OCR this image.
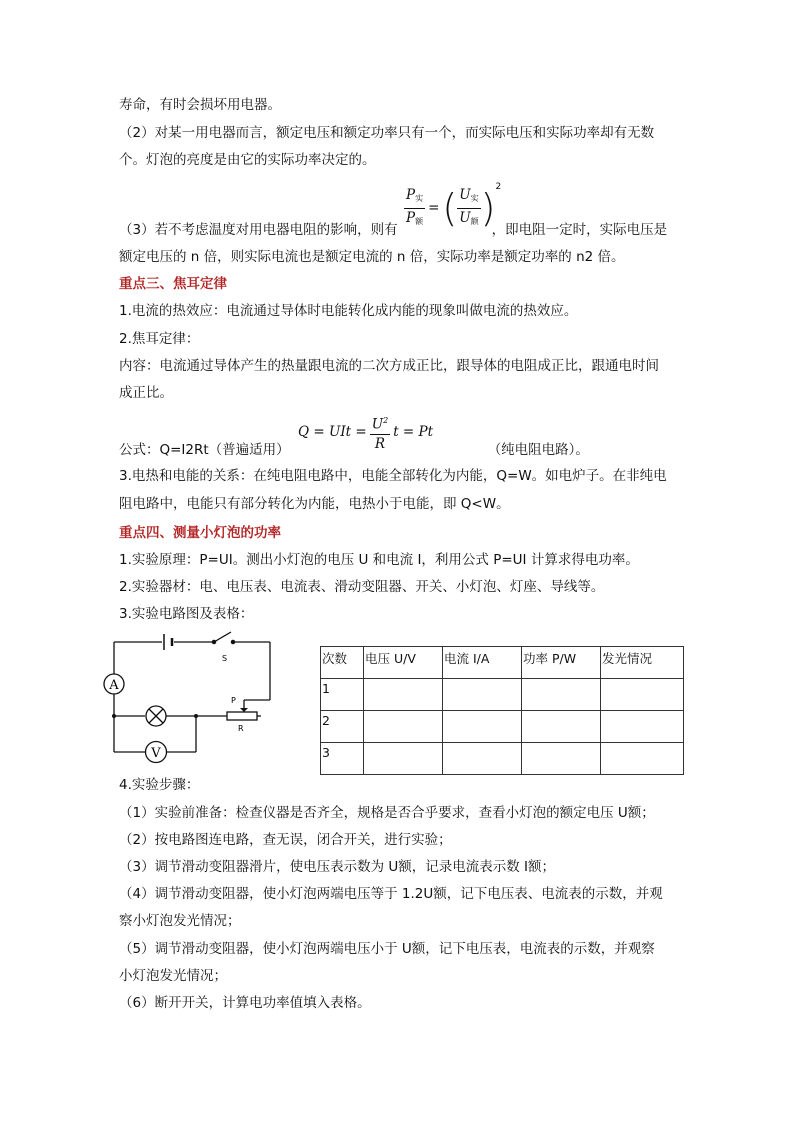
寿命，有时会损坏用电器。
（2）对某一用电器而言，额定电压和额定功率只有一个，而实际电压和实际功率却有无数
个。灯泡的亮度是由它的实际功率决定的。
$\frac{P_实}{P_额}$ = ( $\frac{U_实}{U_额}$ ) 2
（3）若不考虑温度对用电器电阻的影响，则有	，即电阻一定时，实际电压是
额定电压的 n 倍，则实际电流也是额定电流的 n 倍，实际功率是额定功率的 n2 倍。
重点三、焦耳定律
1.电流的热效应：电流通过导体时电能转化成内能的现象叫做电流的热效应。
2.焦耳定律：
内容：电流通过导体产生的热量跟电流的二次方成正比，跟导体的电阻成正比，跟通电时间
成正比。
Q = UIt = $\frac{U^2}{R}$ t = Pt
公式：Q=I2Rt（普遍适用）	（纯电阻电路）。
3.电热和电能的关系：在纯电阻电路中，电能全部转化为内能，Q=W。如电炉子。在非纯电
阻电路中，电能只有部分转化为内能，电热小于电能，即 Q<W。
重点四、测量小灯泡的功率
1.实验原理：P=UI。测出小灯泡的电压 U 和电流 I，利用公式 P=UI 计算求得电功率。
2.实验器材：电、电压表、电流表、滑动变阻器、开关、小灯泡、灯座、导线等。
3.实验电路图及表格：
A
V
S
P
R
次数	电压 U/V	电流 I/A	功率 P/W	发光情况
1				
2				
3				
4.实验步骤：
（1）实验前准备：检查仪器是否齐全，规格是否合乎要求，查看小灯泡的额定电压 U额；
（2）按电路图连电路，查无误，闭合开关，进行实验；
（3）调节滑动变阻器滑片，使电压表示数为 U额，记录电流表示数 I额；
（4）调节滑动变阻器，使小灯泡两端电压等于 1.2U额，记下电压表、电流表的示数，并观
察小灯泡发光情况；
（5）调节滑动变阻器，使小灯泡两端电压小于 U额，记下电压表，电流表的示数，并观察
小灯泡发光情况；
（6）断开开关，计算电功率值填入表格。
